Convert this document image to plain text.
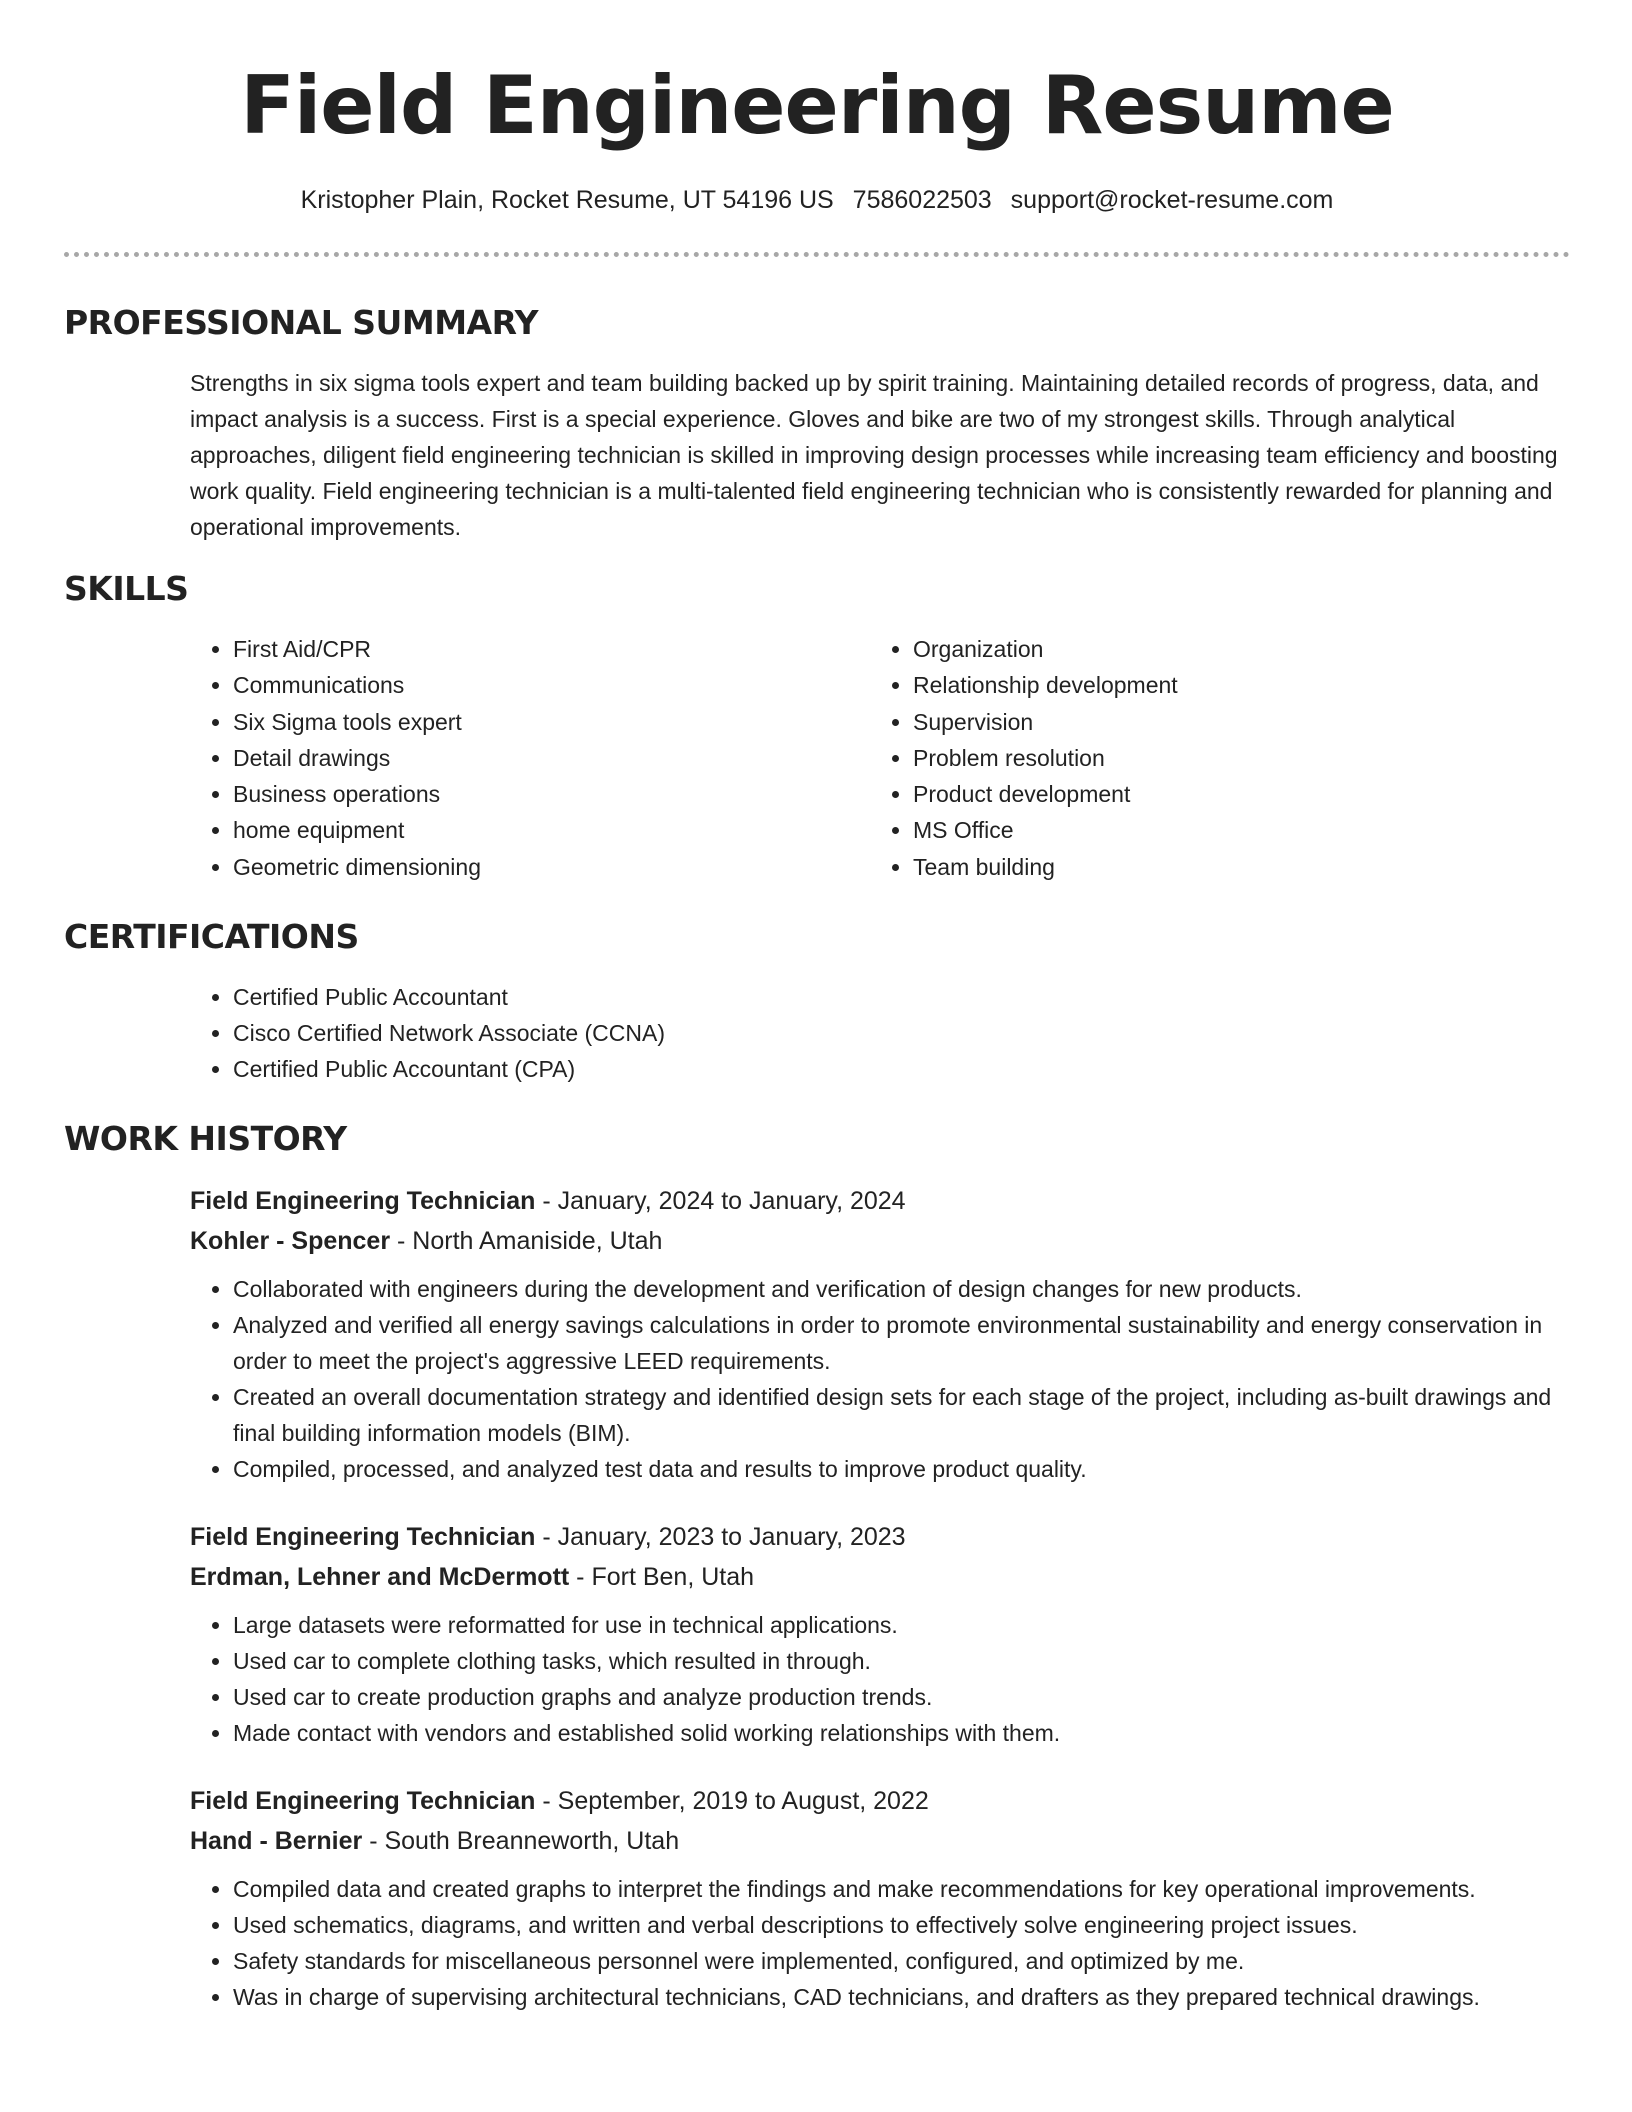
Field Engineering Resume
Kristopher Plain, Rocket Resume, UT 54196 US 7586022503 support@rocket-resume.com
PROFESSIONAL SUMMARY
Strengths in six sigma tools expert and team building backed up by spirit training. Maintaining detailed records of progress, data, and impact analysis is a success. First is a special experience. Gloves and bike are two of my strongest skills. Through analytical approaches, diligent field engineering technician is skilled in improving design processes while increasing team efficiency and boosting work quality. Field engineering technician is a multi-talented field engineering technician who is consistently rewarded for planning and operational improvements.
SKILLS
• First Aid/CPR
• Communications
• Six Sigma tools expert
• Detail drawings
• Business operations
• home equipment
• Geometric dimensioning
• Organization
• Relationship development
• Supervision
• Problem resolution
• Product development
• MS Office
• Team building
CERTIFICATIONS
• Certified Public Accountant
• Cisco Certified Network Associate (CCNA)
• Certified Public Accountant (CPA)
WORK HISTORY
Field Engineering Technician - January, 2024 to January, 2024
Kohler - Spencer - North Amaniside, Utah
• Collaborated with engineers during the development and verification of design changes for new products.
• Analyzed and verified all energy savings calculations in order to promote environmental sustainability and energy conservation in order to meet the project's aggressive LEED requirements.
• Created an overall documentation strategy and identified design sets for each stage of the project, including as-built drawings and final building information models (BIM).
• Compiled, processed, and analyzed test data and results to improve product quality.
Field Engineering Technician - January, 2023 to January, 2023
Erdman, Lehner and McDermott - Fort Ben, Utah
• Large datasets were reformatted for use in technical applications.
• Used car to complete clothing tasks, which resulted in through.
• Used car to create production graphs and analyze production trends.
• Made contact with vendors and established solid working relationships with them.
Field Engineering Technician - September, 2019 to August, 2022
Hand - Bernier - South Breanneworth, Utah
• Compiled data and created graphs to interpret the findings and make recommendations for key operational improvements.
• Used schematics, diagrams, and written and verbal descriptions to effectively solve engineering project issues.
• Safety standards for miscellaneous personnel were implemented, configured, and optimized by me.
• Was in charge of supervising architectural technicians, CAD technicians, and drafters as they prepared technical drawings.
